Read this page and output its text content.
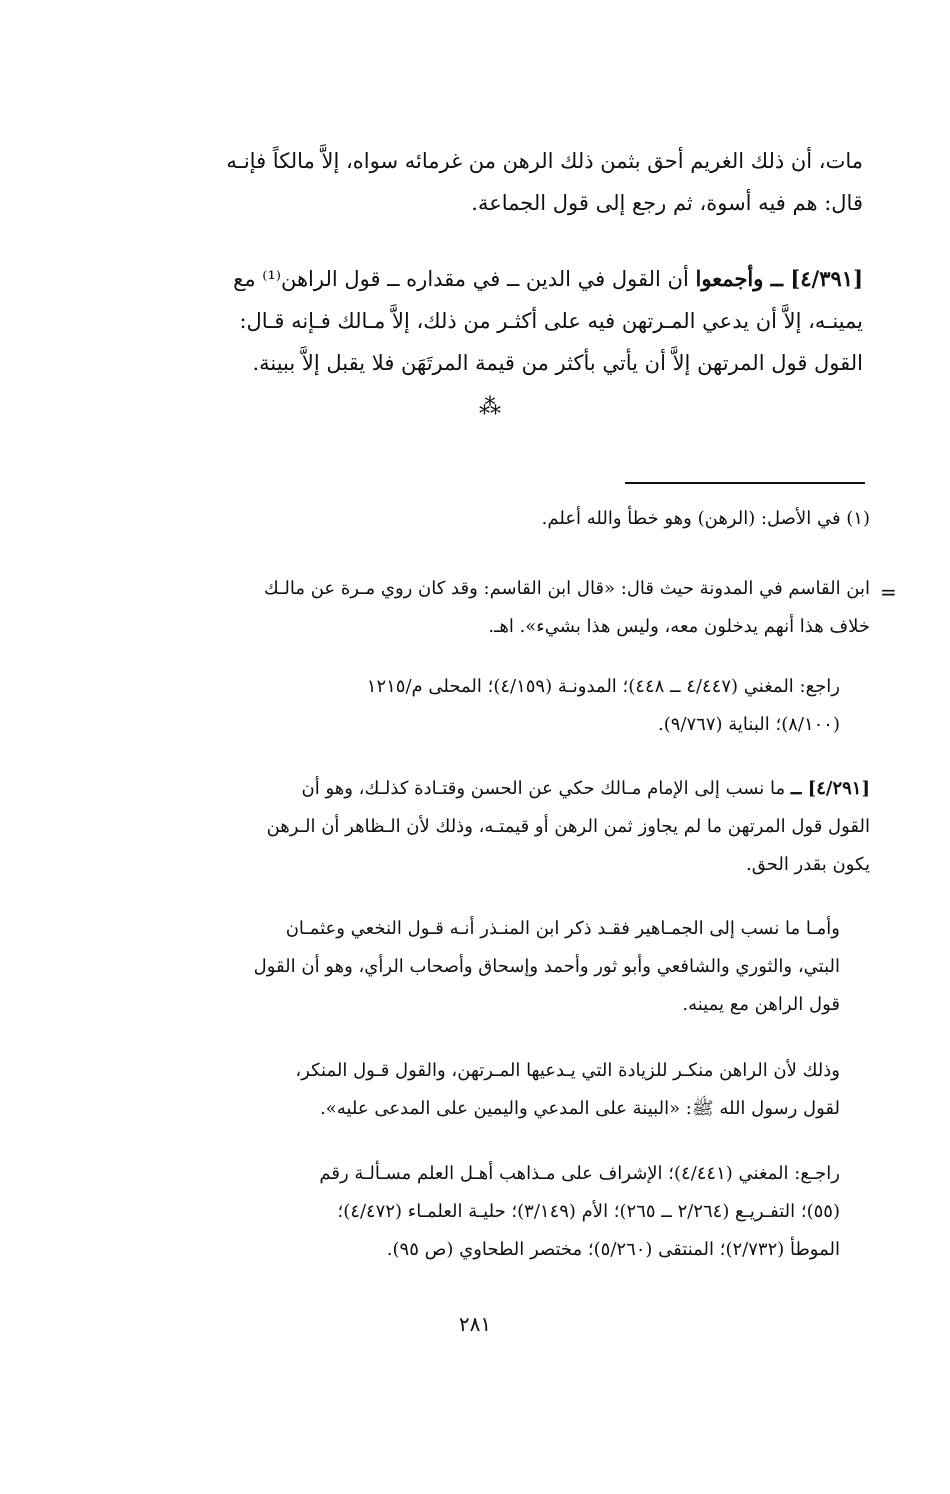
مات، أن ذلك الغريم أحق بثمن ذلك الرهن من غرمائه سواه، إلاَّ مالكاً فإنـه
قال: هم فيه أسوة، ثم رجع إلى قول الجماعة.

[٤/٣٩١] ــ وأجمعوا أن القول في الدين ــ في مقداره ــ قول الراهن⁽¹⁾ مع
يمينـه، إلاَّ أن يدعي المـرتهن فيه على أكثـر من ذلك، إلاَّ مـالك فـإنه قـال:
القول قول المرتهن إلاَّ أن يأتي بأكثر من قيمة المرتَهَن فلا يقبل إلاَّ ببينة.

⁂

(١) في الأصل: (الرهن) وهو خطأ والله أعلم.

=

ابن القاسم في المدونة حيث قال: «قال ابن القاسم: وقد كان روي مـرة عن مالـك
خلاف هذا أنهم يدخلون معه، وليس هذا بشيء». اهـ.

راجع: المغني (٤/٤٤٧ ــ ٤٤٨)؛ المدونـة (٤/١٥٩)؛ المحلى م/١٢١٥
(٨/١٠٠)؛ البناية (٩/٧٦٧).

[٤/٢٩١] ــ ما نسب إلى الإمام مـالك حكي عن الحسن وقتـادة كذلـك، وهو أن
القول قول المرتهن ما لم يجاوز ثمن الرهن أو قيمتـه، وذلك لأن الـظاهر أن الـرهن
يكون بقدر الحق.

وأمـا ما نسب إلى الجمـاهير فقـد ذكر ابن المنـذر أنـه قـول النخعي وعثمـان
البتي، والثوري والشافعي وأبو ثور وأحمد وإسحاق وأصحاب الرأي، وهو أن القول
قول الراهن مع يمينه.

وذلك لأن الراهن منكـر للزيادة التي يـدعيها المـرتهن، والقول قـول المنكر،
لقول رسول الله ﷺ: «البينة على المدعي واليمين على المدعى عليه».

راجـع: المغني (٤/٤٤١)؛ الإشراف على مـذاهب أهـل العلم مسـألـة رقم
(٥٥)؛ التفـريـع (٢/٢٦٤ ــ ٢٦٥)؛ الأم (٣/١٤٩)؛ حليـة العلمـاء (٤/٤٧٢)؛
الموطأ (٢/٧٣٢)؛ المنتقى (٥/٢٦٠)؛ مختصر الطحاوي (ص ٩٥).

٢٨١
